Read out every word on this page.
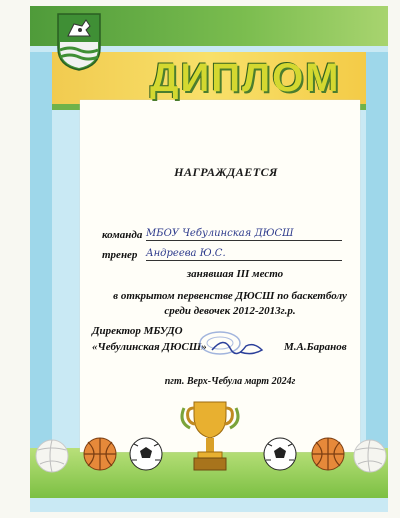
ДИПЛОМ
НАГРАЖДАЕТСЯ
команда МБОУ Чебулинская ДЮСШ
тренер Андреева Ю.С.
занявшая III место
в открытом первенстве ДЮСШ по баскетболу
среди девочек 2012-2013г.р.
Директор МБУДО
«Чебулинская ДЮСШ»	М.А.Баранов
пгт. Верх-Чебула март 2024г
